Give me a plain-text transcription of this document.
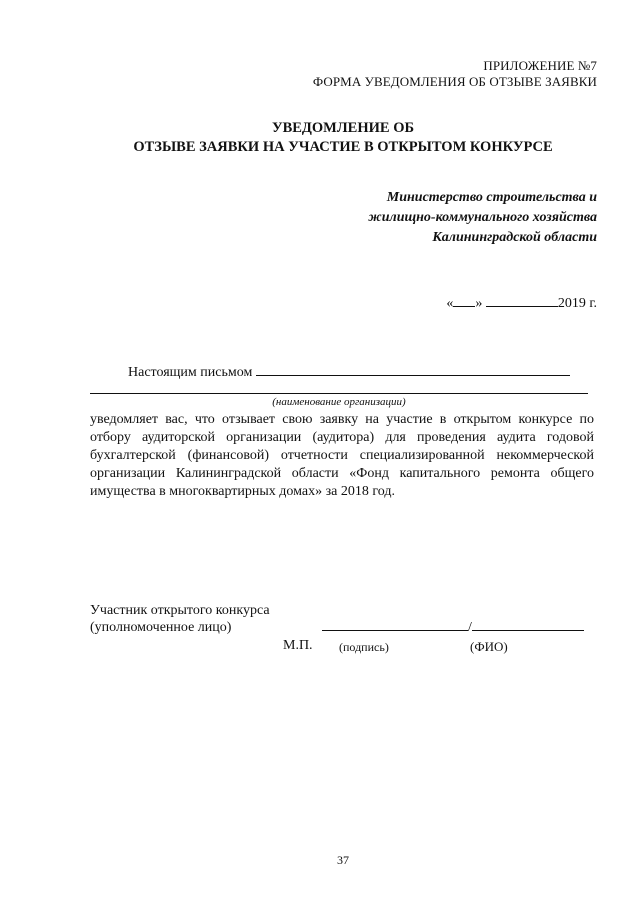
ПРИЛОЖЕНИЕ №7
ФОРМА УВЕДОМЛЕНИЯ ОБ ОТЗЫВЕ ЗАЯВКИ
УВЕДОМЛЕНИЕ ОБ
ОТЗЫВЕ ЗАЯВКИ НА УЧАСТИЕ В ОТКРЫТОМ КОНКУРСЕ
Министерство строительства и
жилищно-коммунального хозяйства
Калининградской области
« »	2019 г.
Настоящим письмом
(наименование организации)
уведомляет вас, что отзывает свою заявку на участие в открытом конкурсе по отбору аудиторской организации (аудитора) для проведения аудита годовой бухгалтерской (финансовой) отчетности специализированной некоммерческой организации Калининградской области «Фонд капитального ремонта общего имущества в многоквартирных домах» за 2018 год.
Участник открытого конкурса
(уполномоченное лицо)	/
М.П. (подпись)	(ФИО)
37
